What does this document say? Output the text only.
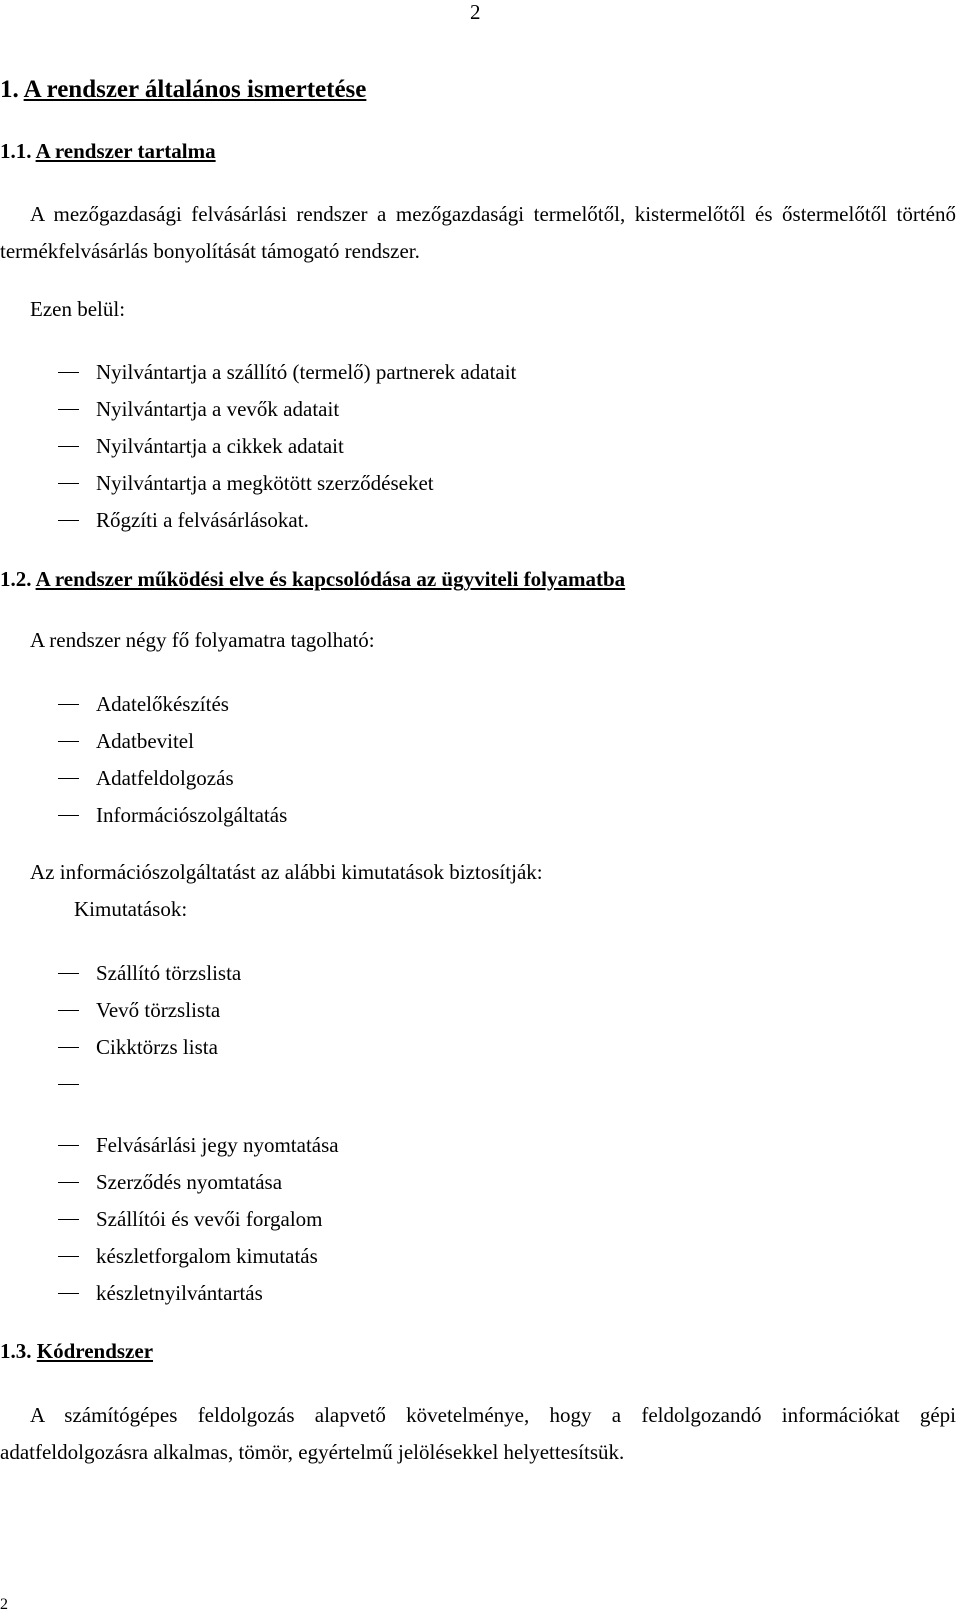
2
1. A rendszer általános ismertetése
1.1. A rendszer tartalma
A mezőgazdasági felvásárlási rendszer a mezőgazdasági termelőtől, kistermelőtől és őstermelőtől történő termékfelvásárlás bonyolítását támogató rendszer.
Ezen belül:
Nyilvántartja a szállító (termelő) partnerek adatait
Nyilvántartja a vevők adatait
Nyilvántartja a cikkek adatait
Nyilvántartja a megkötött szerződéseket
Rőgzíti a felvásárlásokat.
1.2. A rendszer működési elve és kapcsolódása az ügyviteli folyamatba
A rendszer négy fő folyamatra tagolható:
Adatelőkészítés
Adatbevitel
Adatfeldolgozás
Információszolgáltatás
Az információszolgáltatást az alábbi kimutatások biztosítják:
Kimutatások:
Szállító törzslista
Vevő törzslista
Cikktörzs lista
Felvásárlási jegy nyomtatása
Szerződés nyomtatása
Szállítói és vevői forgalom
készletforgalom kimutatás
készletnyilvántartás
1.3. Kódrendszer
A számítógépes feldolgozás alapvető követelménye, hogy a feldolgozandó információkat gépi adatfeldolgozásra alkalmas, tömör, egyértelmű jelölésekkel helyettesítsük.
2
